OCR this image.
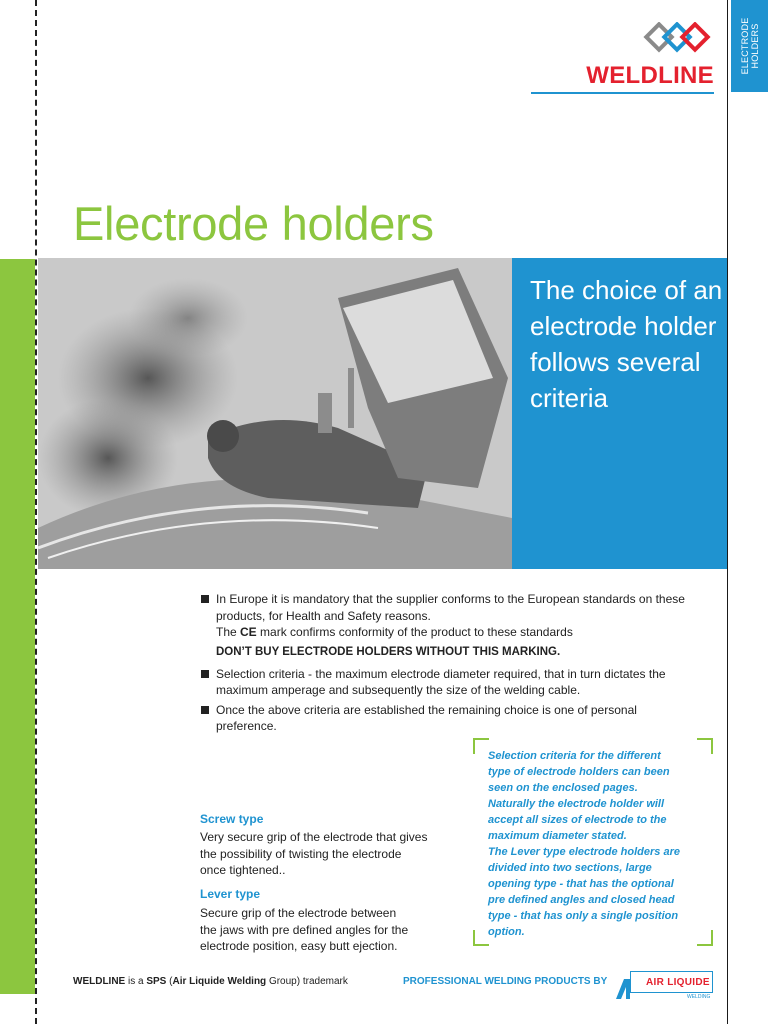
ELECTRODE HOLDERS
WELDLINE
Electrode holders
The choice of an electrode holder follows several criteria
In Europe it is mandatory that the supplier conforms to the European standards on these
products, for Health and Safety reasons.
The CE mark confirms conformity of the product to these standards
DON’T BUY ELECTRODE HOLDERS WITHOUT THIS MARKING.
Selection criteria - the maximum electrode diameter required, that in turn dictates the
maximum amperage and subsequently the size of the welding cable.
Once the above criteria are established the remaining choice is one of personal
preference.
Screw type
Very secure grip of the electrode that gives
the possibility of twisting the electrode
once tightened..
Lever type
Secure grip of the electrode between
the jaws with pre defined angles for the
electrode position, easy butt ejection.
Selection criteria for the different
type of electrode holders can been
seen on the enclosed pages.
Naturally the electrode holder will
accept all sizes of electrode to the
maximum diameter stated.
The Lever type electrode holders are
divided into two sections, large
opening type - that has the optional
pre defined angles and closed head
type - that has only a single position
option.
WELDLINE is a SPS (Air Liquide Welding Group) trademark	PROFESSIONAL WELDING PRODUCTS BY	AIR LIQUIDE
WELDING
